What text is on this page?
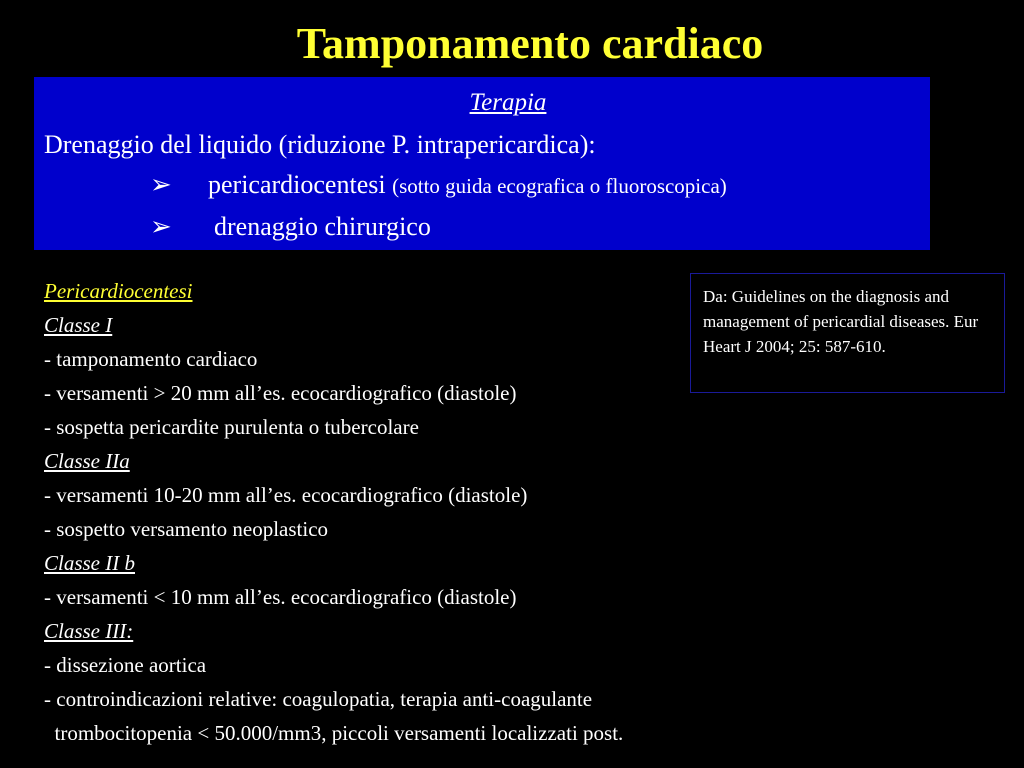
Tamponamento cardiaco
Terapia
Drenaggio del liquido (riduzione P. intrapericardica):
➢ pericardiocentesi (sotto guida ecografica o fluoroscopica)
➢ drenaggio chirurgico
Pericardiocentesi
Classe I
- tamponamento cardiaco
- versamenti > 20 mm all’es. ecocardiografico (diastole)
- sospetta pericardite purulenta o tubercolare
Classe IIa
- versamenti 10-20 mm all’es. ecocardiografico (diastole)
- sospetto versamento neoplastico
Classe II b
- versamenti < 10 mm all’es. ecocardiografico (diastole)
Classe III:
- dissezione aortica
- controindicazioni relative: coagulopatia, terapia anti-coagulante
trombocitopenia < 50.000/mm3, piccoli versamenti localizzati post.
Da: Guidelines on the diagnosis and management of pericardial diseases. Eur Heart J 2004; 25: 587-610.
